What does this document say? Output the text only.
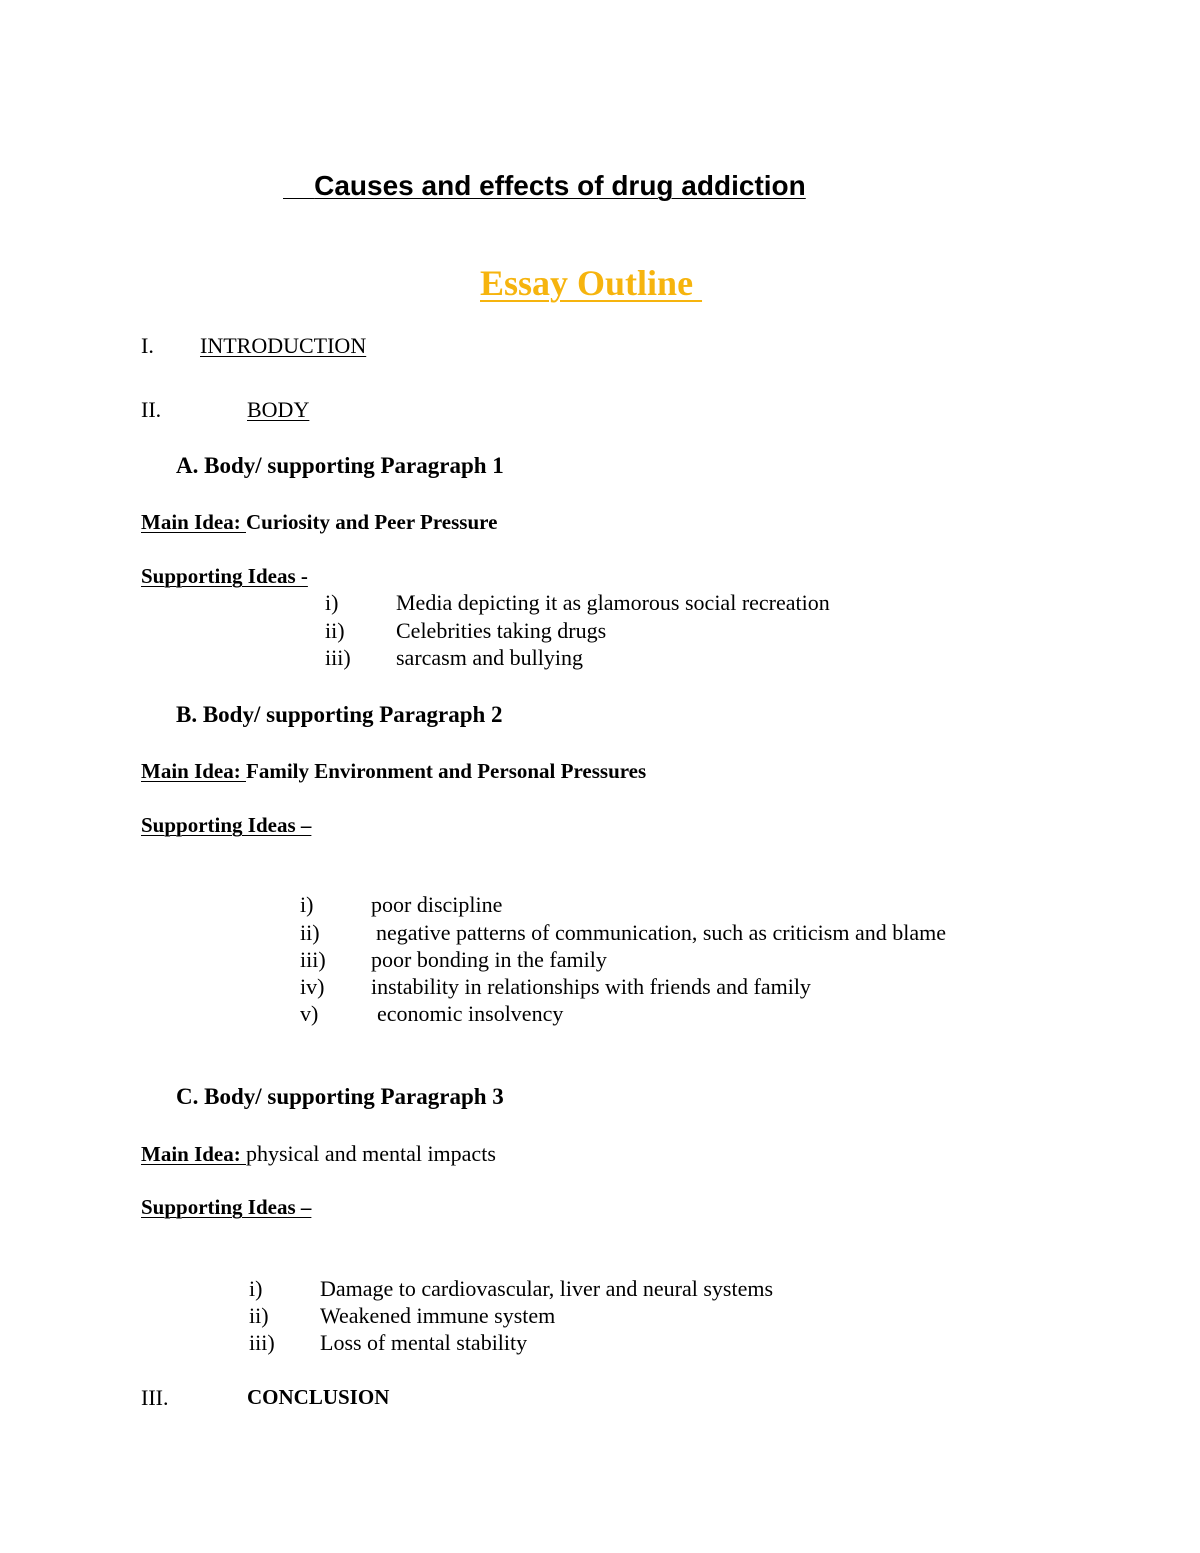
Causes and effects of drug addiction
Essay Outline
I. INTRODUCTION
II.	BODY
A. Body/ supporting Paragraph 1
Main Idea: Curiosity and Peer Pressure
Supporting Ideas -
i)	Media depicting it as glamorous social recreation
ii) Celebrities taking drugs
iii) sarcasm and bullying
B. Body/ supporting Paragraph 2
Main Idea: Family Environment and Personal Pressures
Supporting Ideas –
i)	poor discipline
ii)	negative patterns of communication, such as criticism and blame
iii) poor bonding in the family
iv) instability in relationships with friends and family
v)	economic insolvency
C. Body/ supporting Paragraph 3
Main Idea: physical and mental impacts
Supporting Ideas –
i)	Damage to cardiovascular, liver and neural systems
ii) Weakened immune system
iii) Loss of mental stability
III.	CONCLUSION
